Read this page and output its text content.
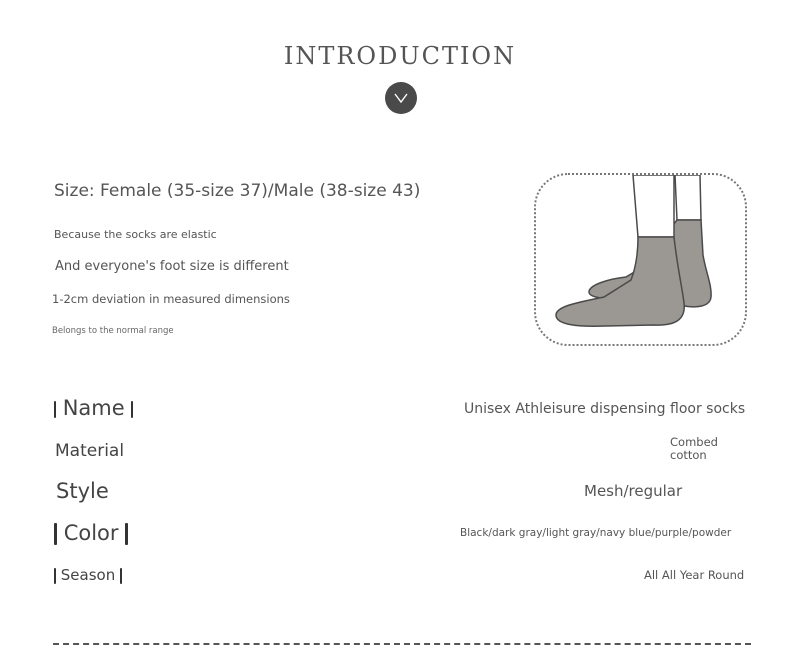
INTRODUCTION
Size: Female (35-size 37)/Male (38-size 43)
Because the socks are elastic
And everyone's foot size is different
1-2cm deviation in measured dimensions
Belongs to the normal range
Name	Unisex Athleisure dispensing floor socks
Material	Combed cotton
Style	Mesh/regular
Color	Black/dark gray/light gray/navy blue/purple/powder
Season	All All Year Round
